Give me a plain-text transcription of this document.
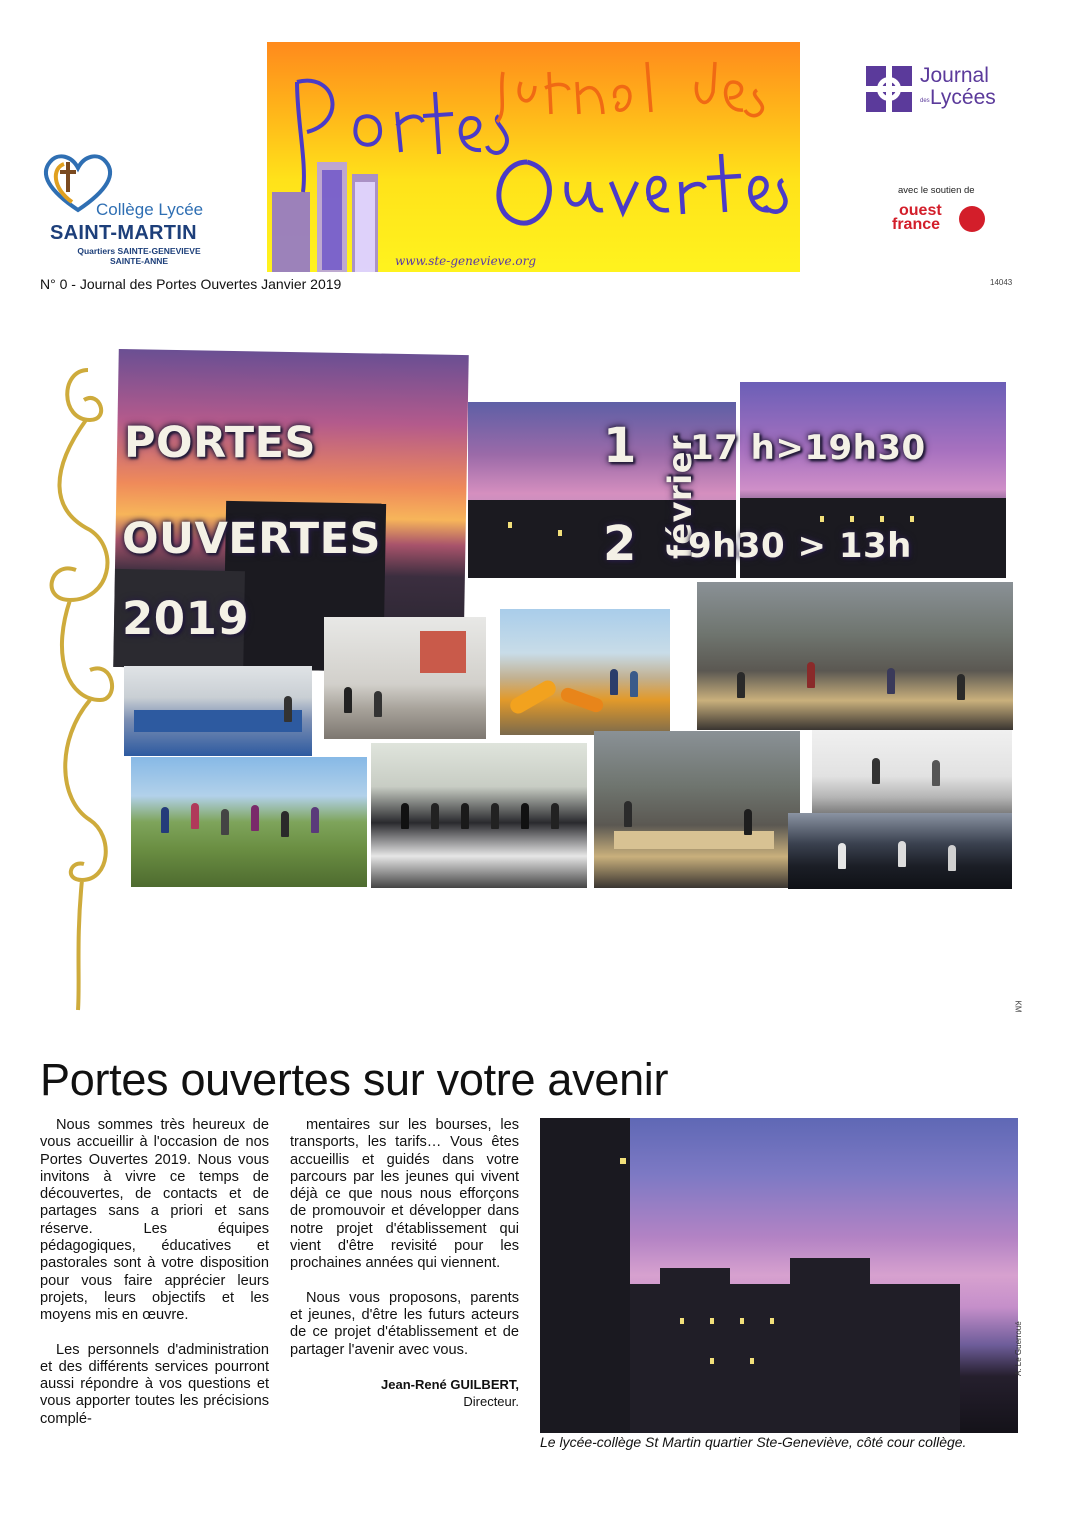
Collège Lycée
SAINT-MARTIN
Quartiers SAINTE-GENEVIEVE
SAINTE-ANNE	www.ste-genevieve.org
Journal
des Lycées
avec le soutien de
ouest
france
N° 0 - Journal des Portes Ouvertes Janvier 2019	14043
PORTES
OUVERTES
2019
1
2 février
17 h>19h30
9h30 > 13h
KM
Portes ouvertes sur votre avenir

Nous sommes très heureux de vous accueillir à l'occasion de nos Portes Ouvertes 2019. Nous vous invitons à vivre ce temps de découvertes, de contacts et de partages sans a priori et sans réserve. Les équipes pédagogiques, éducatives et pastorales sont à votre disposition pour vous faire apprécier leurs projets, leurs objectifs et les moyens mis en œuvre.

Les personnels d'administration et des différents services pourront aussi répondre à vos questions et vous apporter toutes les précisions complé-

mentaires sur les bourses, les transports, les tarifs… Vous êtes accueillis et guidés dans votre parcours par les jeunes qui vivent déjà ce que nous nous efforçons de promouvoir et développer dans notre projet d'établissement qui vient d'être revisité pour les prochaines années qui viennent.

Nous vous proposons, parents et jeunes, d'être les futurs acteurs de ce projet d'établissement et de partager l'avenir avec vous.

Jean-René GUILBERT,
Directeur.
A. Le Guerroué
Le lycée-collège St Martin quartier Ste-Geneviève, côté cour collège.
